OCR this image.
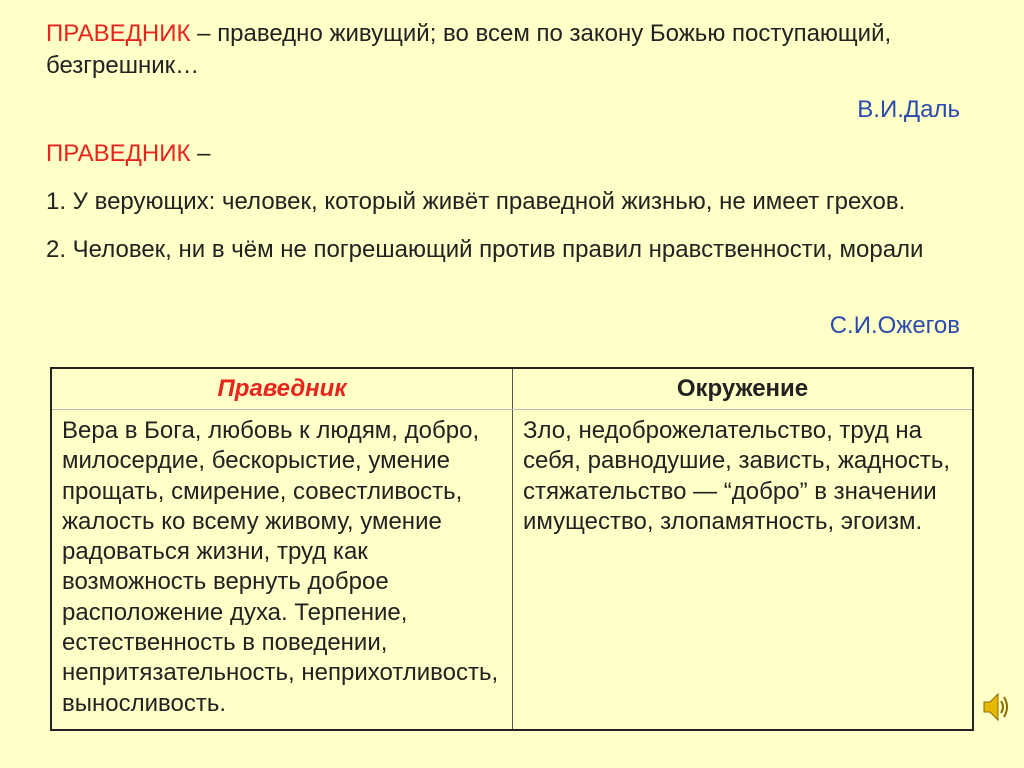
ПРАВЕДНИК – праведно живущий; во всем по закону Божью поступающий, безгрешник…
В.И.Даль
ПРАВЕДНИК –
1. У верующих: человек, который живёт праведной жизнью, не имеет грехов.
2. Человек, ни в чём не погрешающий против правил нравственности, морали
С.И.Ожегов
Праведник	Окружение
Вера в Бога, любовь к людям, добро, милосердие, бескорыстие, умение прощать, смирение, совестливость, жалость ко всему живому, умение радоваться жизни, труд как возможность вернуть доброе расположение духа. Терпение, естественность в поведении, непритязательность, неприхотливость, выносливость.	Зло, недоброжелательство, труд на себя, равнодушие, зависть, жадность, стяжательство — “добро” в значении имущество, злопамятность, эгоизм.
